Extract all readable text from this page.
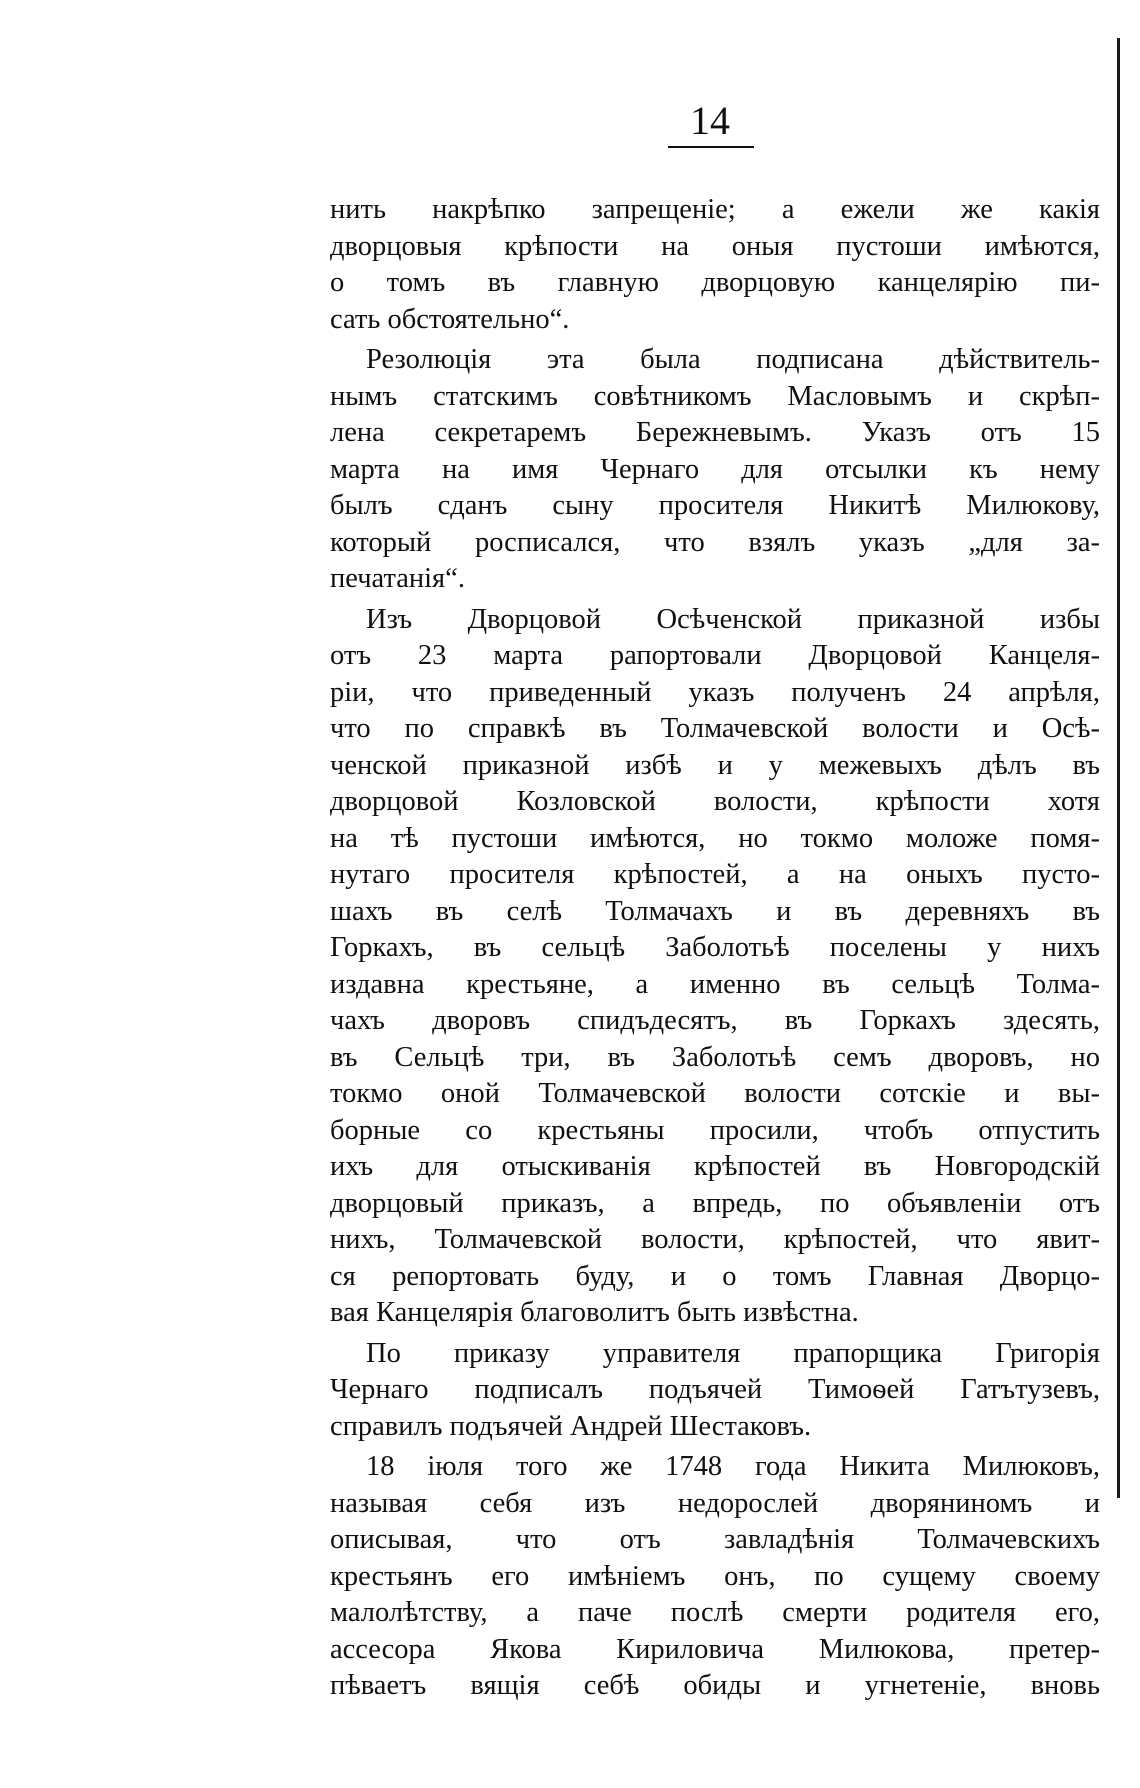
14
нить накрѣпко запрещеніе; а ежели же какія
дворцовыя крѣпости на оныя пустоши имѣются,
о томъ въ главную дворцовую канцелярію пи-
сать обстоятельно“.
Резолюція эта была подписана дѣйствитель-
нымъ статскимъ совѣтникомъ Масловымъ и скрѣп-
лена секретаремъ Бережневымъ. Указъ отъ 15
марта на имя Чернаго для отсылки къ нему
былъ сданъ сыну просителя Никитѣ Милюкову,
который росписался, что взялъ указъ „для за-
печатанія“.
Изъ Дворцовой Осѣченской приказной избы
отъ 23 марта рапортовали Дворцовой Канцеля-
ріи, что приведенный указъ полученъ 24 апрѣля,
что по справкѣ въ Толмачевской волости и Осѣ-
ченской приказной избѣ и у межевыхъ дѣлъ въ
дворцовой Козловской волости, крѣпости хотя
на тѣ пустоши имѣются, но токмо моложе помя-
нутаго просителя крѣпостей, а на оныхъ пусто-
шахъ въ селѣ Толмачахъ и въ деревняхъ въ
Горкахъ, въ сельцѣ Заболотьѣ поселены у нихъ
издавна крестьяне, а именно въ сельцѣ Толма-
чахъ дворовъ спидъдесятъ, въ Горкахъ здесять,
въ Сельцѣ три, въ Заболотьѣ семъ дворовъ, но
токмо оной Толмачевской волости сотскіе и вы-
борные со крестьяны просили, чтобъ отпустить
ихъ для отыскиванія крѣпостей въ Новгородскій
дворцовый приказъ, а впредь, по объявленіи отъ
нихъ, Толмачевской волости, крѣпостей, что явит-
ся репортовать буду, и о томъ Главная Дворцо-
вая Канцелярія благоволитъ быть извѣстна.
По приказу управителя прапорщика Григорія
Чернаго подписалъ подъячей Тимоѳей Гатътузевъ,
справилъ подъячей Андрей Шестаковъ.
18 іюля того же 1748 года Никита Милюковъ,
называя себя изъ недорослей дворяниномъ и
описывая, что отъ завладѣнія Толмачевскихъ
крестьянъ его имѣніемъ онъ, по сущему своему
малолѣтству, а паче послѣ смерти родителя его,
ассесора Якова Кириловича Милюкова, претер-
пѣваетъ вящія себѣ обиды и угнетеніе, вновь
